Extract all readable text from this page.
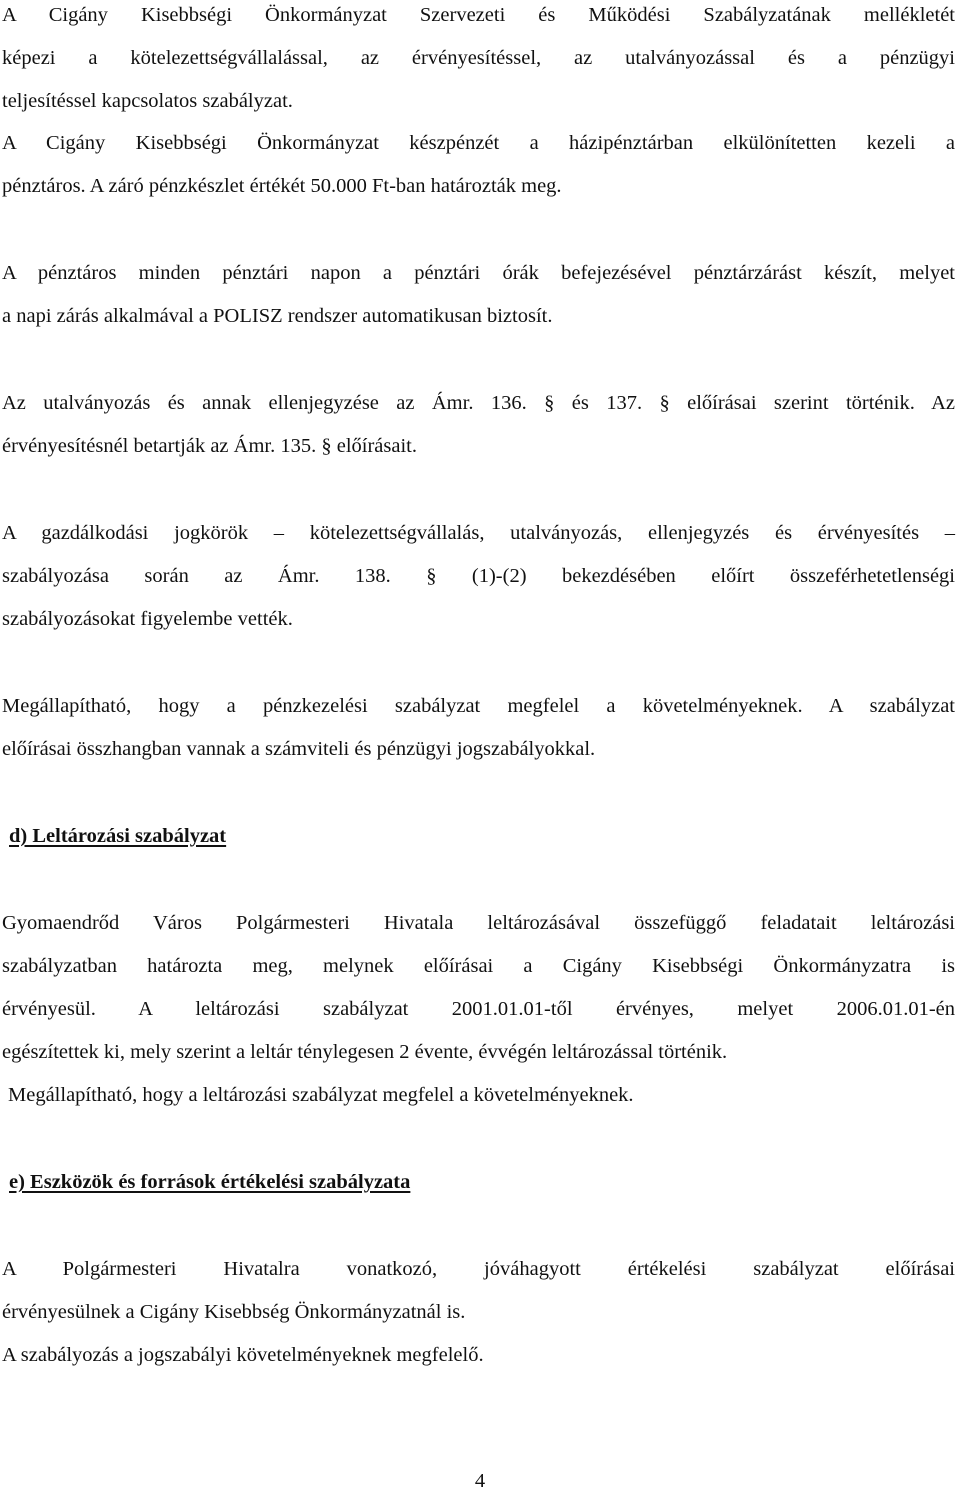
A Cigány Kisebbségi Önkormányzat Szervezeti és Működési Szabályzatának mellékletét
képezi a kötelezettségvállalással, az érvényesítéssel, az utalványozással és a pénzügyi
teljesítéssel kapcsolatos szabályzat.
A Cigány Kisebbségi Önkormányzat készpénzét a házipénztárban elkülönítetten kezeli a
pénztáros. A záró pénzkészlet értékét 50.000 Ft-ban határozták meg.
A pénztáros minden pénztári napon a pénztári órák befejezésével pénztárzárást készít, melyet
a napi zárás alkalmával a POLISZ rendszer automatikusan biztosít.
Az utalványozás és annak ellenjegyzése az Ámr. 136. § és 137. § előírásai szerint történik. Az
érvényesítésnél betartják az Ámr. 135. § előírásait.
A gazdálkodási jogkörök – kötelezettségvállalás, utalványozás, ellenjegyzés és érvényesítés –
szabályozása során az Ámr. 138. § (1)-(2) bekezdésében előírt összeférhetetlenségi
szabályozásokat figyelembe vették.
Megállapítható, hogy a pénzkezelési szabályzat megfelel a követelményeknek. A szabályzat
előírásai összhangban vannak a számviteli és pénzügyi jogszabályokkal.
d) Leltározási szabályzat
Gyomaendrőd Város Polgármesteri Hivatala leltározásával összefüggő feladatait leltározási
szabályzatban határozta meg, melynek előírásai a Cigány Kisebbségi Önkormányzatra is
érvényesül. A leltározási szabályzat 2001.01.01-től érvényes, melyet 2006.01.01-én
egészítettek ki, mely szerint a leltár ténylegesen 2 évente, évvégén leltározással történik.
Megállapítható, hogy a leltározási szabályzat megfelel a követelményeknek.
e) Eszközök és források értékelési szabályzata
A Polgármesteri Hivatalra vonatkozó, jóváhagyott értékelési szabályzat előírásai
érvényesülnek a Cigány Kisebbség Önkormányzatnál is.
A szabályozás a jogszabályi követelményeknek megfelelő.
4
